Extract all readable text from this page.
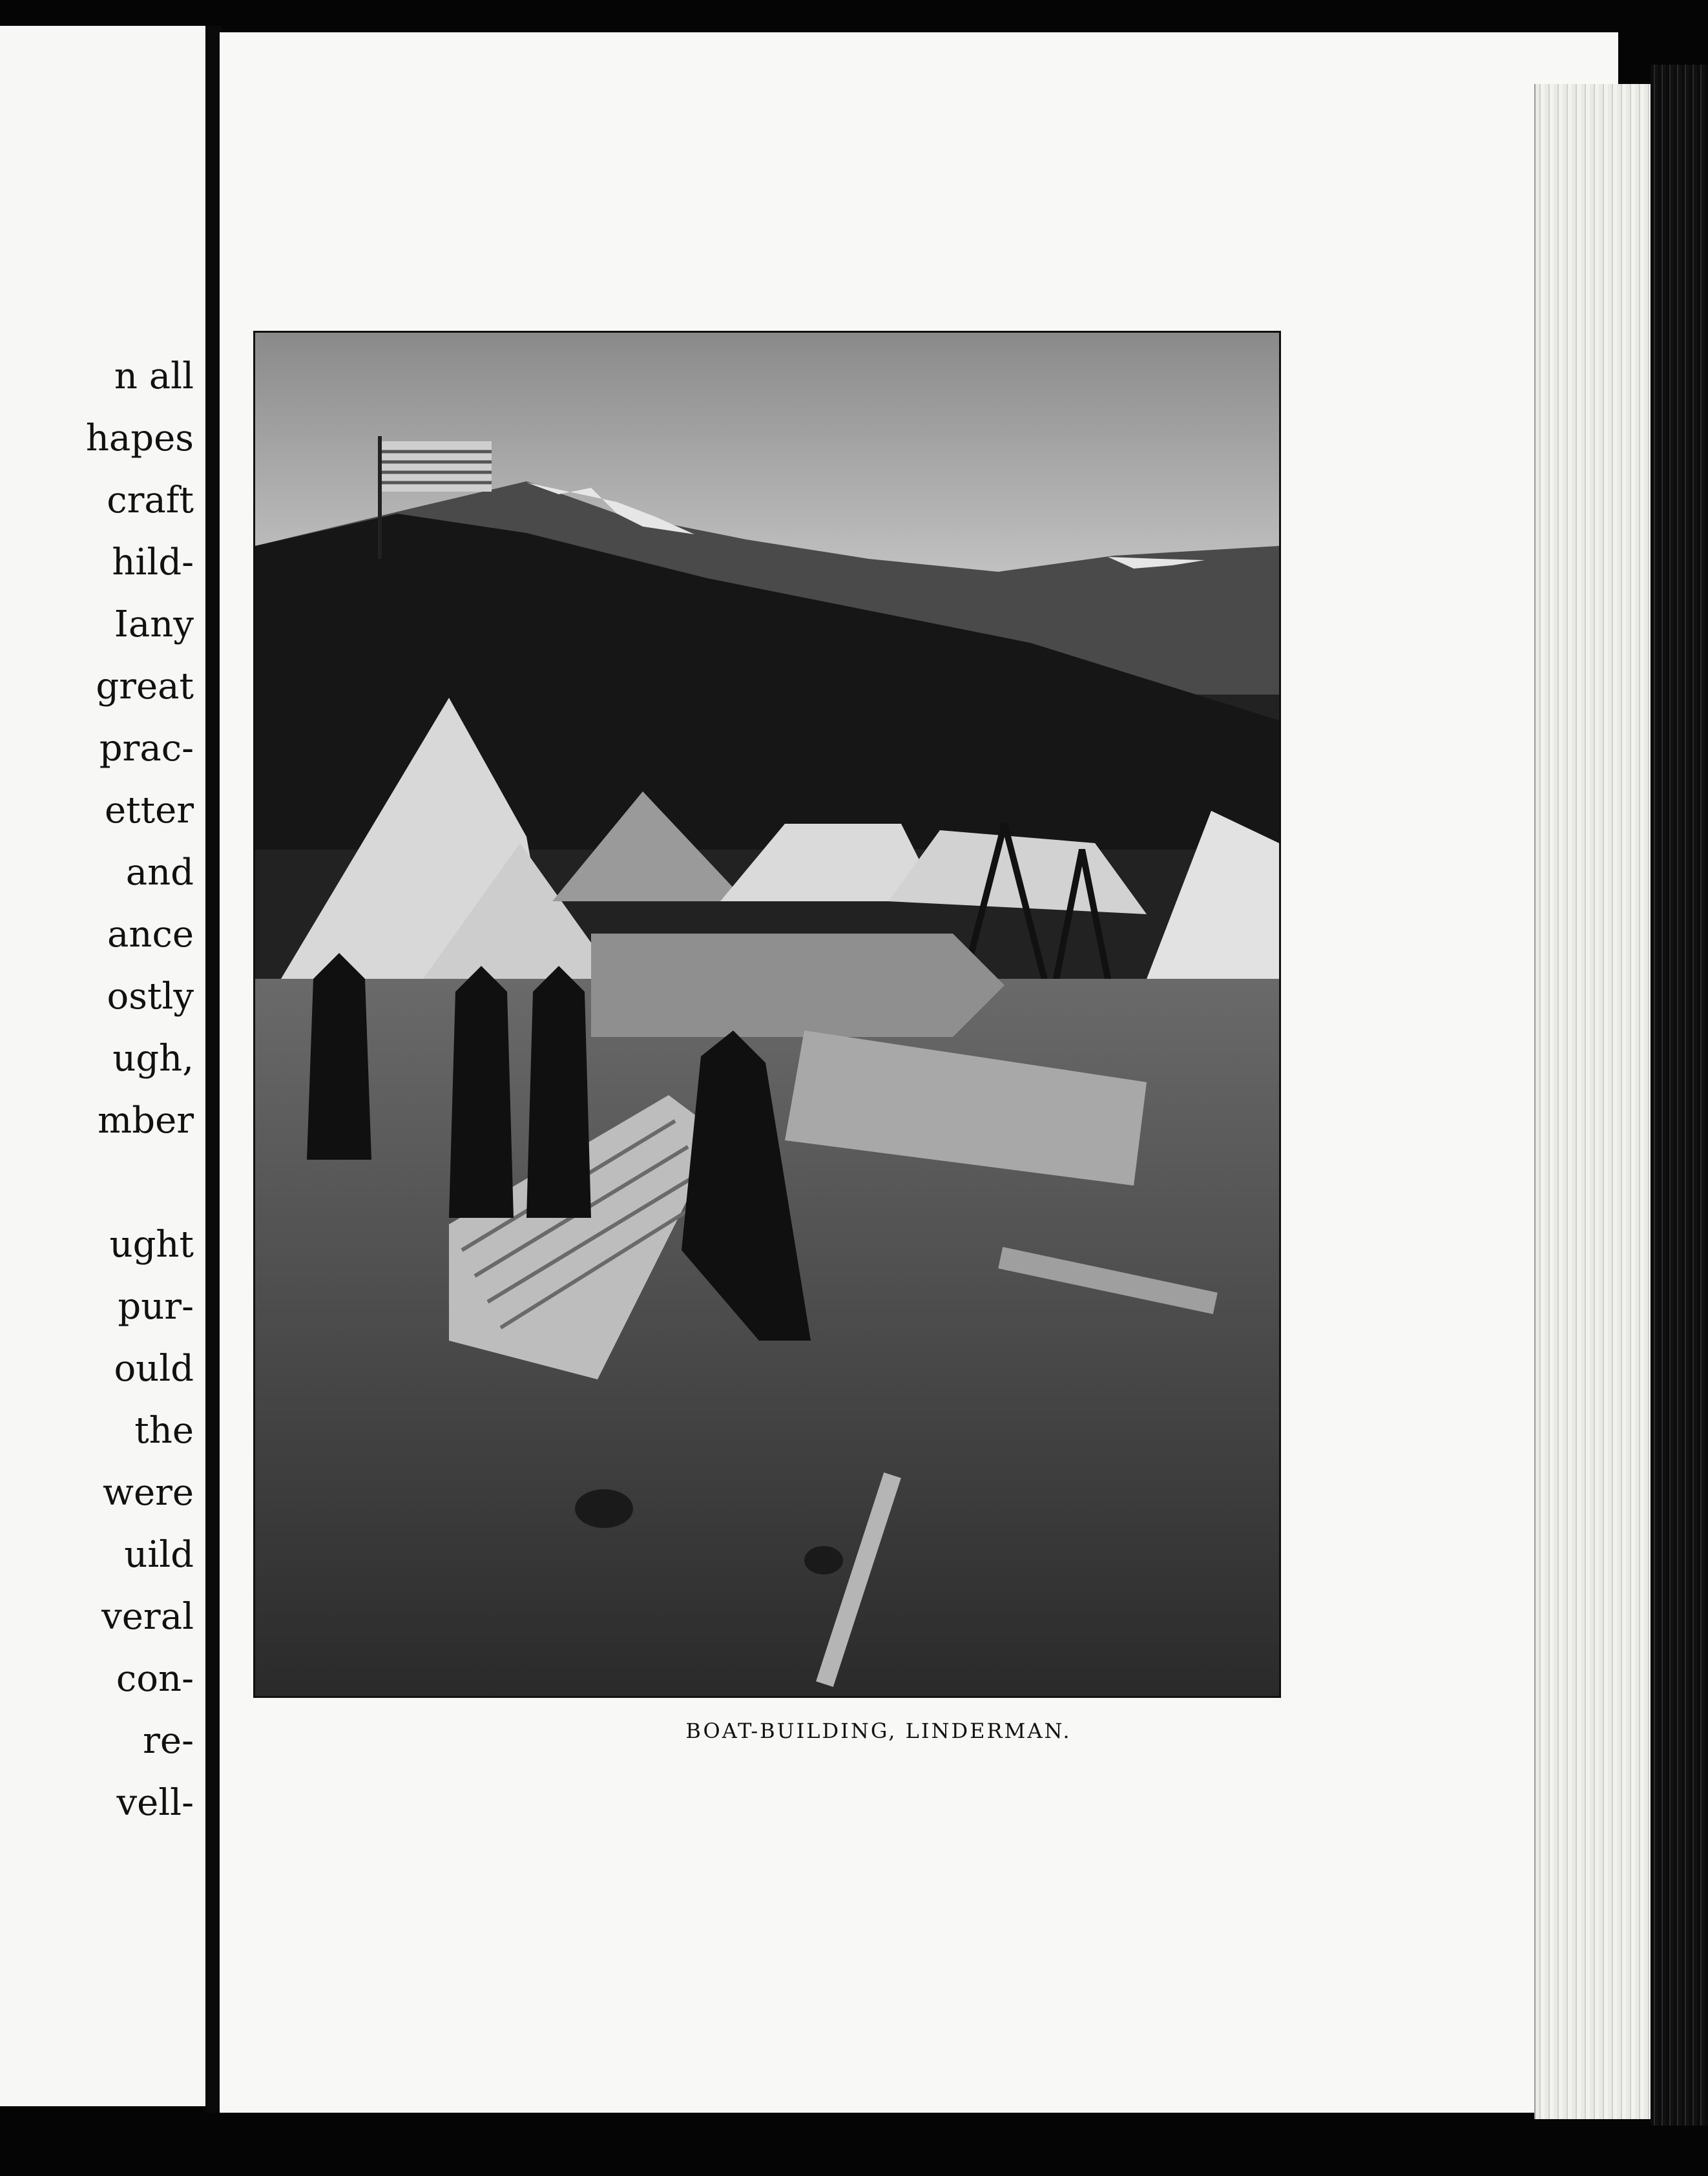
n all
hapes
craft
hild-
Iany
great
prac-
etter
and
ance
ostly
ugh,
mber
ught
pur-
ould
the
were
uild
veral
con-
re-
vell-
BOAT-BUILDING, LINDERMAN.
